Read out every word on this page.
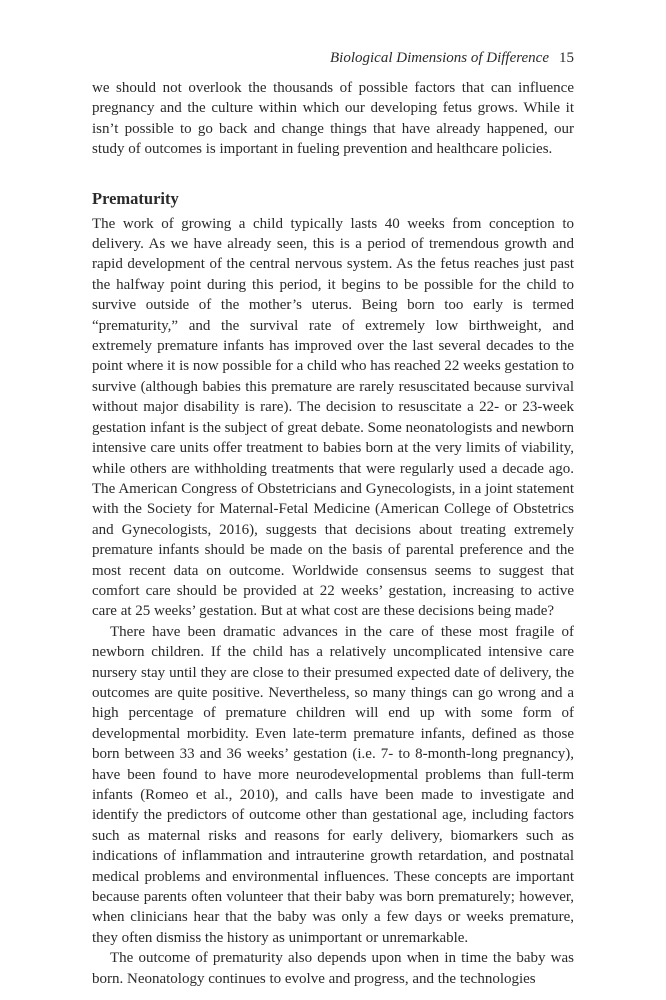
Biological Dimensions of Difference 15

we should not overlook the thousands of possible factors that can influence pregnancy and the culture within which our developing fetus grows. While it isn’t possible to go back and change things that have already happened, our study of outcomes is important in fueling prevention and healthcare policies.

Prematurity

The work of growing a child typically lasts 40 weeks from conception to delivery. As we have already seen, this is a period of tremendous growth and rapid development of the central nervous system. As the fetus reaches just past the halfway point during this period, it begins to be possible for the child to survive outside of the mother’s uterus. Being born too early is termed “prematurity,” and the survival rate of extremely low birthweight, and extremely premature infants has improved over the last several decades to the point where it is now possible for a child who has reached 22 weeks gestation to survive (although babies this premature are rarely resuscitated because survival without major disability is rare). The decision to resuscitate a 22- or 23-week gestation infant is the subject of great debate. Some neonatologists and newborn intensive care units offer treatment to babies born at the very limits of viability, while others are withholding treatments that were regularly used a decade ago. The American Congress of Obstetricians and Gynecologists, in a joint statement with the Society for Maternal-Fetal Medicine (American College of Obstetrics and Gynecologists, 2016), suggests that decisions about treating extremely premature infants should be made on the basis of parental preference and the most recent data on outcome. Worldwide consensus seems to suggest that comfort care should be provided at 22 weeks’ gestation, increasing to active care at 25 weeks’ gestation. But at what cost are these decisions being made?

There have been dramatic advances in the care of these most fragile of newborn children. If the child has a relatively uncomplicated intensive care nursery stay until they are close to their presumed expected date of delivery, the outcomes are quite positive. Nevertheless, so many things can go wrong and a high percentage of premature children will end up with some form of developmental morbidity. Even late-term premature infants, defined as those born between 33 and 36 weeks’ gestation (i.e. 7- to 8-month-long pregnancy), have been found to have more neurodevelopmental problems than full-term infants (Romeo et al., 2010), and calls have been made to investigate and identify the predictors of outcome other than gestational age, including factors such as maternal risks and reasons for early delivery, biomarkers such as indications of inflammation and intrauterine growth retardation, and postnatal medical problems and environmental influences. These concepts are important because parents often volunteer that their baby was born prematurely; however, when clinicians hear that the baby was only a few days or weeks premature, they often dismiss the history as unimportant or unremarkable.

The outcome of prematurity also depends upon when in time the baby was born. Neonatology continues to evolve and progress, and the technologies
